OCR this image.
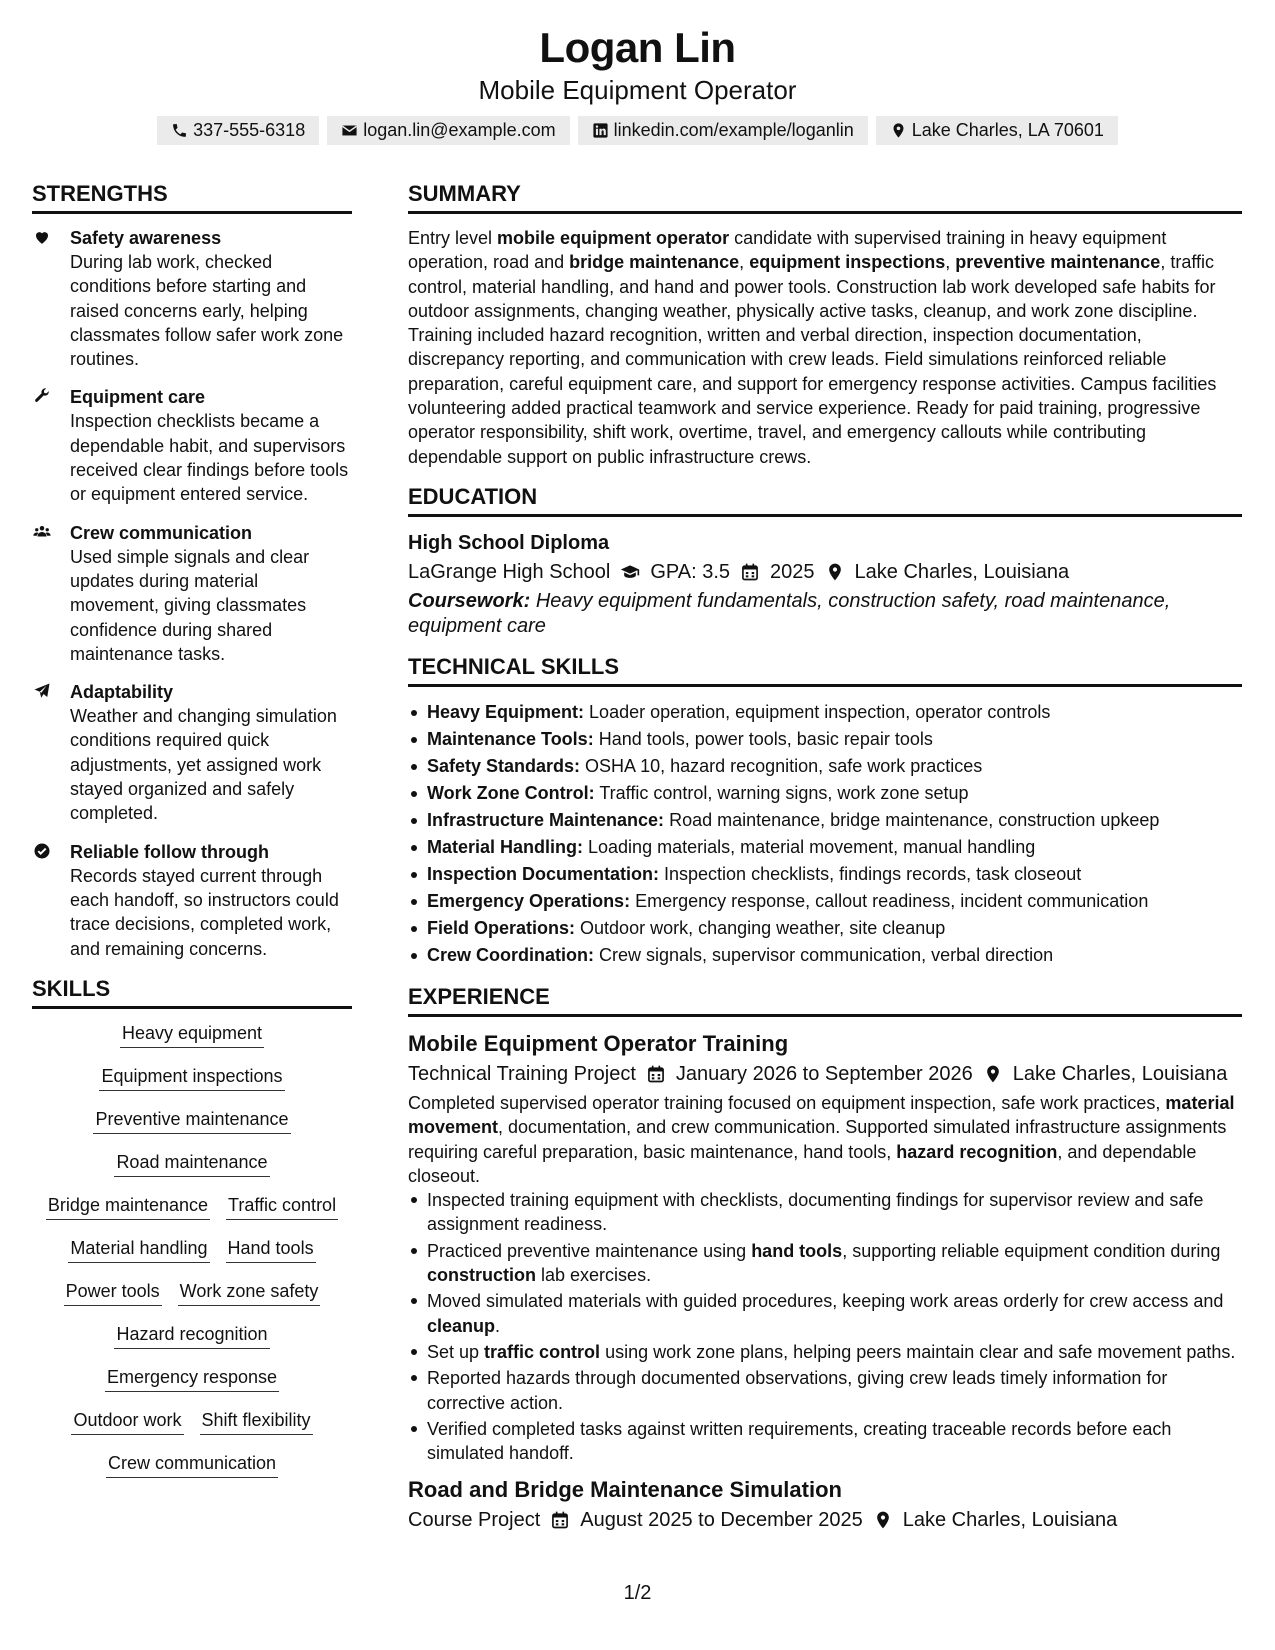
Logan Lin
Mobile Equipment Operator
337-555-6318	logan.lin@example.com	linkedin.com/example/loganlin	Lake Charles, LA 70601
STRENGTHS
Safety awareness

During lab work, checked conditions before starting and raised concerns early, helping classmates follow safer work zone routines.

Equipment care

Inspection checklists became a dependable habit, and supervisors received clear findings before tools or equipment entered service.

Crew communication

Used simple signals and clear updates during material movement, giving classmates confidence during shared maintenance tasks.

Adaptability

Weather and changing simulation conditions required quick adjustments, yet assigned work stayed organized and safely completed.

Reliable follow through

Records stayed current through each handoff, so instructors could trace decisions, completed work, and remaining concerns.

SKILLS
Heavy equipment
Equipment inspections
Preventive maintenance
Road maintenance
Bridge maintenance Traffic control
Material handling Hand tools
Power tools Work zone safety
Hazard recognition
Emergency response
Outdoor work Shift flexibility
Crew communication
SUMMARY

Entry level mobile equipment operator candidate with supervised training in heavy equipment operation, road and bridge maintenance, equipment inspections, preventive maintenance, traffic control, material handling, and hand and power tools. Construction lab work developed safe habits for outdoor assignments, changing weather, physically active tasks, cleanup, and work zone discipline. Training included hazard recognition, written and verbal direction, inspection documentation, discrepancy reporting, and communication with crew leads. Field simulations reinforced reliable preparation, careful equipment care, and support for emergency response activities. Campus facilities volunteering added practical teamwork and service experience. Ready for paid training, progressive operator responsibility, shift work, overtime, travel, and emergency callouts while contributing dependable support on public infrastructure crews.

EDUCATION
High School Diploma
LaGrange High School GPA: 3.5 2025 Lake Charles, Louisiana
Coursework: Heavy equipment fundamentals, construction safety, road maintenance, equipment care
TECHNICAL SKILLS
Heavy Equipment: Loader operation, equipment inspection, operator controls
Maintenance Tools: Hand tools, power tools, basic repair tools
Safety Standards: OSHA 10, hazard recognition, safe work practices
Work Zone Control: Traffic control, warning signs, work zone setup
Infrastructure Maintenance: Road maintenance, bridge maintenance, construction upkeep
Material Handling: Loading materials, material movement, manual handling
Inspection Documentation: Inspection checklists, findings records, task closeout
Emergency Operations: Emergency response, callout readiness, incident communication
Field Operations: Outdoor work, changing weather, site cleanup
Crew Coordination: Crew signals, supervisor communication, verbal direction
EXPERIENCE
Mobile Equipment Operator Training
Technical Training Project January 2026 to September 2026 Lake Charles, Louisiana

Completed supervised operator training focused on equipment inspection, safe work practices, material movement, documentation, and crew communication. Supported simulated infrastructure assignments requiring careful preparation, basic maintenance, hand tools, hazard recognition, and dependable closeout.

Inspected training equipment with checklists, documenting findings for supervisor review and safe assignment readiness.
Practiced preventive maintenance using hand tools, supporting reliable equipment condition during construction lab exercises.
Moved simulated materials with guided procedures, keeping work areas orderly for crew access and cleanup.
Set up traffic control using work zone plans, helping peers maintain clear and safe movement paths.
Reported hazards through documented observations, giving crew leads timely information for corrective action.
Verified completed tasks against written requirements, creating traceable records before each simulated handoff.
Road and Bridge Maintenance Simulation
Course Project August 2025 to December 2025 Lake Charles, Louisiana
1/2
